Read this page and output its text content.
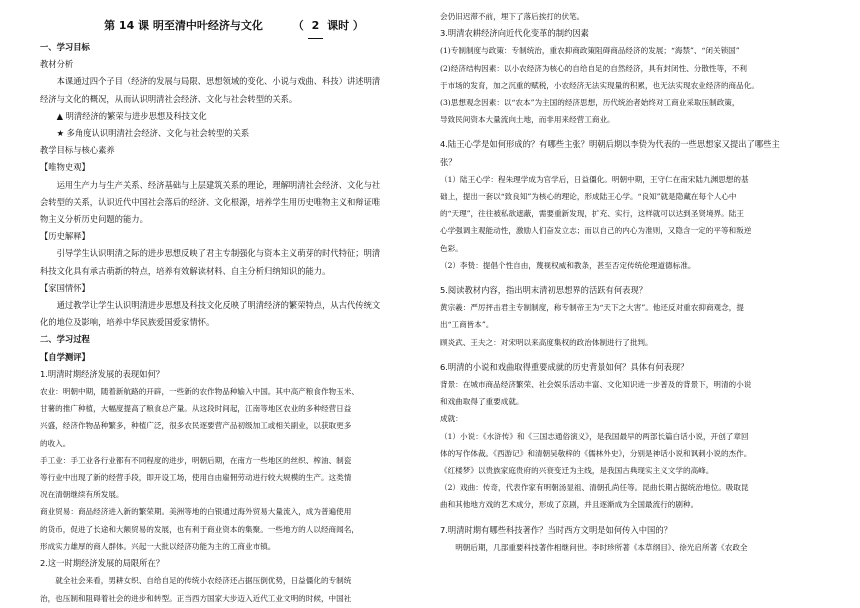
第 14 课 明至清中叶经济与文化	（ 2 课时 ）

一、学习目标

教材分析

本课通过四个子目（经济的发展与局限、思想领域的变化、小说与戏曲、科技）讲述明清

经济与文化的概况，从而认识明清社会经济、文化与社会转型的关系。

▲ 明清经济的繁荣与进步思想及科技文化

★ 多角度认识明清社会经济、文化与社会转型的关系

教学目标与核心素养

【唯物史观】

运用生产力与生产关系、经济基础与上层建筑关系的理论，理解明清社会经济、文化与社

会转型的关系，认识近代中国社会落后的经济、文化根源，培养学生用历史唯物主义和辩证唯

物主义分析历史问题的能力。

【历史解释】

引导学生认识明清之际的进步思想反映了君主专制强化与资本主义萌芽的时代特征；明清

科技文化具有承古萌新的特点，培养有效解读材料、自主分析归纳知识的能力。

【家国情怀】

通过教学让学生认识明清进步思想及科技文化反映了明清经济的繁荣特点，从古代传统文

化的地位及影响，培养中华民族爱国爱家情怀。

二、学习过程

【自学测评】

1.明清时期经济发展的表现如何？

农业：明朝中期，随着新航路的开辟，一些新的农作物品种输入中国。其中高产粮食作物玉米、

甘薯的推广种植，大幅度提高了粮食总产量。从这段时间起，江南等地区农业的多种经营日益

兴盛，经济作物品种繁多，种植广泛，很多农民逐要营产品初级加工或相关副业，以获取更多

的收入。

手工业：手工业各行业都有不同程度的进步，明朝后期，在南方一些地区的丝织、榨油、制瓷

等行业中出现了新的经营手段，即开设工场，使用自由雇佣劳动进行较大规模的生产。这类情

况在清朝继续有所发展。

商业贸易：商品经济进入新的繁荣期。美洲等地的白银通过海外贸易大量流入，成为普遍使用

的货币，促进了长途和大额贸易的发展，也有利于商业资本的集聚。一些地方的人以经商闻名，

形成实力雄厚的商人群体。兴起一大批以经济功能为主的工商业市镇。

2.这一时期经济发展的局限所在？

就全社会来看，男耕女织、自给自足的传统小农经济还占据压倒优势，日益僵化的专制统

治，也压制和阻碍着社会的进步和转型。正当西方国家大步迈入近代工业文明的时候，中国社

会仍旧迟滞不前，埋下了落后挨打的伏笔。

3.明清农耕经济向近代化变革的制约因素

(1)专制制度与政策：专制统治，重农抑商政策阻碍商品经济的发展；“海禁”、“闭关锁国”

(2)经济结构因素：以小农经济为核心的自给自足的自然经济，具有封闭性、分散性等，不利

于市场的发育，加之沉重的赋税，小农经济无法实现量的积累，也无法实现农业经济的商品化。

(3)思想观念因素：以“农本”为主国的经济思想，历代统治者始终对工商业采取压制政策，

导致民间资本大量流向土地，而非用来经营工商业。

4.陆王心学是如何形成的？有哪些主张？明朝后期以李贽为代表的一些思想家又提出了哪些主

张？

（1）陆王心学：程朱理学成为官学后，日益僵化。明朝中期，王守仁在南宋陆九渊思想的基

础上，提出一套以“致良知”为核心的理论，形成陆王心学。“良知”就是隐藏在每个人心中

的“天理”，往往被私欲遮蔽，需要重新发现，扩充、实行，这样就可以达到圣贤境界。陆王

心学强调主观能动性，激励人们奋发立志；而以自己的内心为准则，又隐含一定的平等和叛逆

色彩。

（2）李贽：提倡个性自由，蔑视权威和教条，甚至否定传统伦理道德标准。

5.阅读教材内容，指出明末清初思想界的活跃有何表现？

黄宗羲：严厉抨击君主专制制度，称专制帝王为“天下之大害”。他还反对重农抑商观念，提

出“工商皆本”。

顾炎武、王夫之：对宋明以来高度集权的政治体制进行了批判。

6.明清的小说和戏曲取得重要成就的历史背景如何？具体有何表现？

背景：在城市商品经济繁荣、社会娱乐活动丰富、文化知识进一步普及的背景下，明清的小说

和戏曲取得了重要成就。

成就：

（1）小说：《水浒传》和《三国志通俗演义》，是我国最早的两部长篇白话小说，开创了章回

体的写作体裁。《西游记》和清朝吴敬梓的《儒林外史》，分别是神话小说和讽刺小说的杰作。

《红楼梦》以贵族家庭贵府的兴衰变迁为主线，是我国古典现实主义文学的高峰。

（2）戏曲：传奇，代表作家有明朝汤显祖、清朝孔尚任等。昆曲长期占据统治地位。吸取昆

曲和其他地方戏的艺术成分，形成了京剧，并且逐渐成为全国最流行的剧种。

7.明清时期有哪些科技著作？当时西方文明是如何传入中国的？

明朝后期，几部重要科技著作相继问世。李时珍所著《本草纲目》、徐光启所著《农政全
